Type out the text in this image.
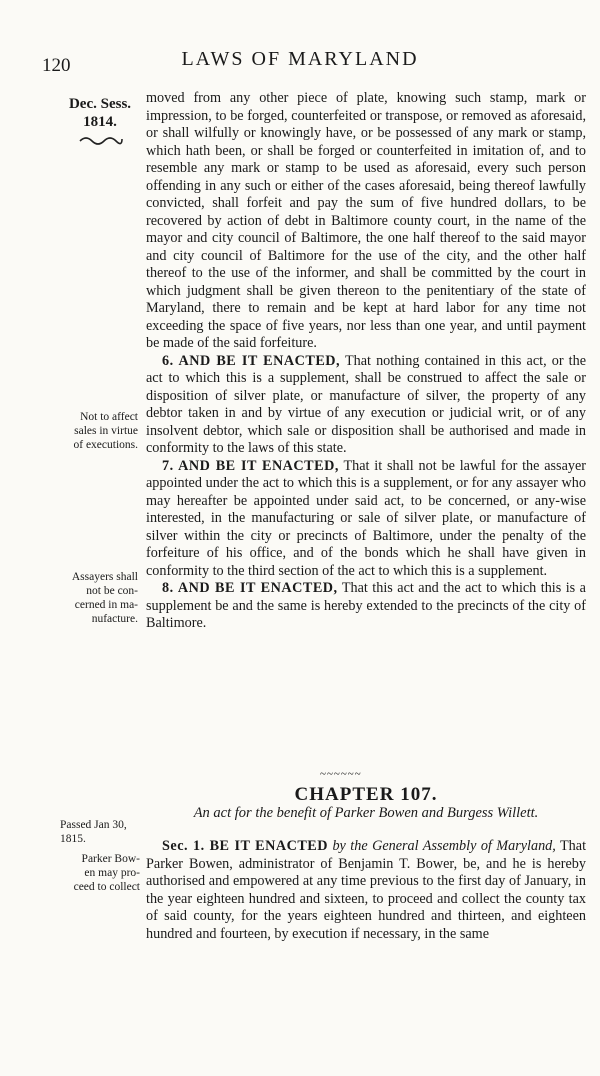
120	LAWS OF MARYLAND
Dec. Sess.
1814.

moved from any other piece of plate, knowing such stamp, mark or impression, to be forged, counterfeited or transpose, or removed as aforesaid, or shall wilfully or knowingly have, or be possessed of any mark or stamp, which hath been, or shall be forged or counterfeited in imitation of, and to resemble any mark or stamp to be used as aforesaid, every such person offending in any such or either of the cases aforesaid, being thereof lawfully convicted, shall forfeit and pay the sum of five hundred dollars, to be recovered by action of debt in Baltimore county court, in the name of the mayor and city council of Baltimore, the one half thereof to the said mayor and city council of Baltimore for the use of the city, and the other half thereof to the use of the informer, and shall be committed by the court in which judgment shall be given thereon to the penitentiary of the state of Maryland, there to remain and be kept at hard labor for any time not exceeding the space of five years, nor less than one year, and until payment be made of the said forfeiture.

6. AND BE IT ENACTED, That nothing contained in this act, or the act to which this is a supplement, shall be construed to affect the sale or disposition of silver plate, or manufacture of silver, the property of any debtor taken in and by virtue of any execution or judicial writ, or of any insolvent debtor, which sale or disposition shall be authorised and made in conformity to the laws of this state.

7. AND BE IT ENACTED, That it shall not be lawful for the assayer appointed under the act to which this is a supplement, or for any assayer who may hereafter be appointed under said act, to be concerned, or any-wise interested, in the manufacturing or sale of silver plate, or manufacture of silver within the city or precincts of Baltimore, under the penalty of the forfeiture of his office, and of the bonds which he shall have given in conformity to the third section of the act to which this is a supplement.

8. AND BE IT ENACTED, That this act and the act to which this is a supplement be and the same is hereby extended to the precincts of the city of Baltimore.

Not to affect
sales in virtue
of executions.
Assayers shall
not be con-
cerned in ma-
nufacture.
~~~~~~
CHAPTER 107.
An act for the benefit of Parker Bowen and Burgess Willett.
Passed Jan 30,
1815.
Parker Bow-
en may pro-
ceed to collect

Sec. 1. BE IT ENACTED by the General Assembly of Maryland, That Parker Bowen, administrator of Benjamin T. Bower, be, and he is hereby authorised and empowered at any time previous to the first day of January, in the year eighteen hundred and sixteen, to proceed and collect the county tax of said county, for the years eighteen hundred and thirteen, and eighteen hundred and fourteen, by execution if necessary, in the same
